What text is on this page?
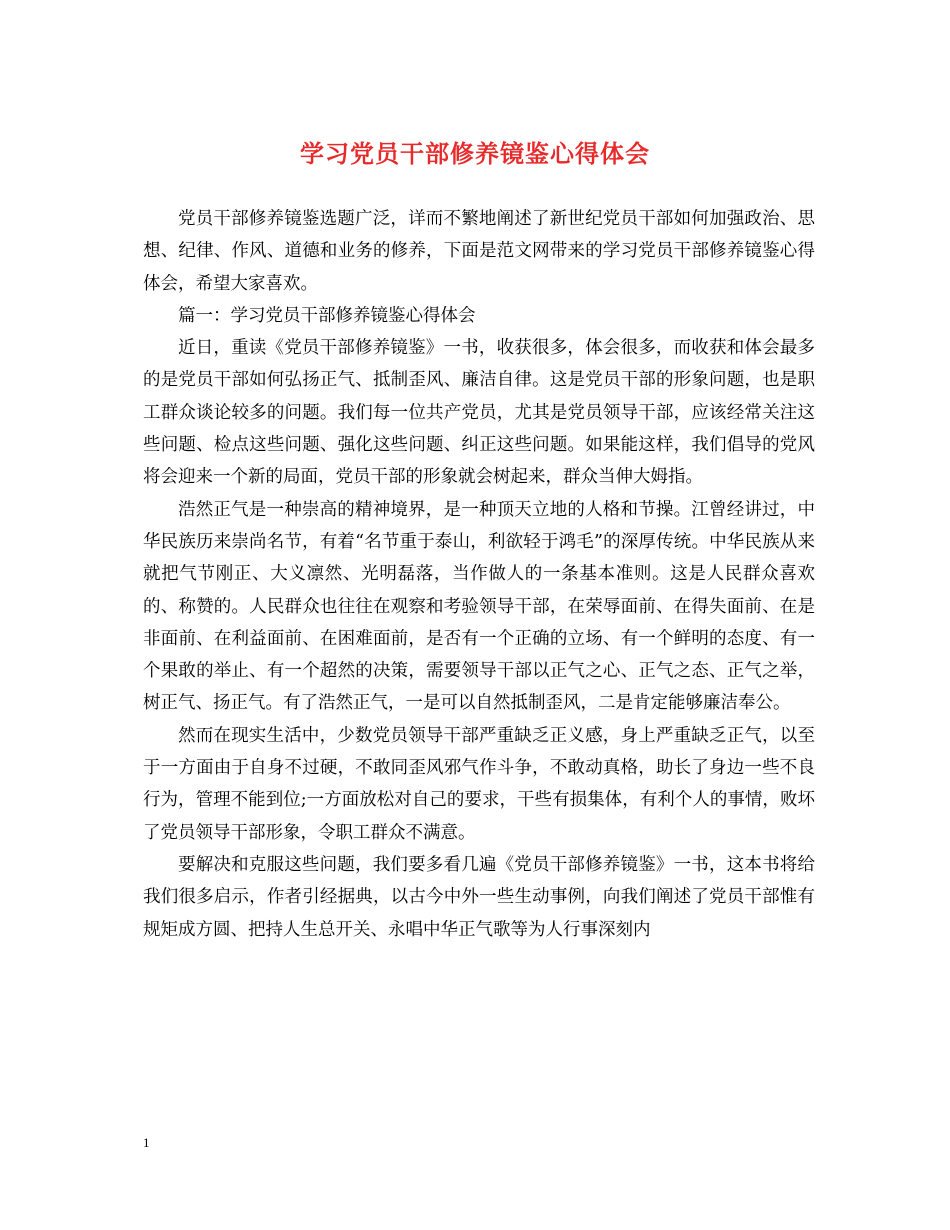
学习党员干部修养镜鉴心得体会

党员干部修养镜鉴选题广泛，详而不繁地阐述了新世纪党员干部如何加强政治、思想、纪律、作风、道德和业务的修养，下面是范文网带来的学习党员干部修养镜鉴心得体会，希望大家喜欢。

篇一：学习党员干部修养镜鉴心得体会

近日，重读《党员干部修养镜鉴》一书，收获很多，体会很多，而收获和体会最多的是党员干部如何弘扬正气、抵制歪风、廉洁自律。这是党员干部的形象问题，也是职工群众谈论较多的问题。我们每一位共产党员，尤其是党员领导干部，应该经常关注这些问题、检点这些问题、强化这些问题、纠正这些问题。如果能这样，我们倡导的党风将会迎来一个新的局面，党员干部的形象就会树起来，群众当伸大姆指。

浩然正气是一种崇高的精神境界，是一种顶天立地的人格和节操。江曾经讲过，中华民族历来崇尚名节，有着“名节重于泰山，利欲轻于鸿毛”的深厚传统。中华民族从来就把气节刚正、大义凛然、光明磊落，当作做人的一条基本准则。这是人民群众喜欢的、称赞的。人民群众也往往在观察和考验领导干部，在荣辱面前、在得失面前、在是非面前、在利益面前、在困难面前，是否有一个正确的立场、有一个鲜明的态度、有一个果敢的举止、有一个超然的决策，需要领导干部以正气之心、正气之态、正气之举，树正气、扬正气。有了浩然正气，一是可以自然抵制歪风，二是肯定能够廉洁奉公。

然而在现实生活中，少数党员领导干部严重缺乏正义感，身上严重缺乏正气，以至于一方面由于自身不过硬，不敢同歪风邪气作斗争，不敢动真格，助长了身边一些不良行为，管理不能到位;一方面放松对自己的要求，干些有损集体，有利个人的事情，败坏了党员领导干部形象，令职工群众不满意。

要解决和克服这些问题，我们要多看几遍《党员干部修养镜鉴》一书，这本书将给我们很多启示，作者引经据典，以古今中外一些生动事例，向我们阐述了党员干部惟有规矩成方圆、把持人生总开关、永唱中华正气歌等为人行事深刻内

1
